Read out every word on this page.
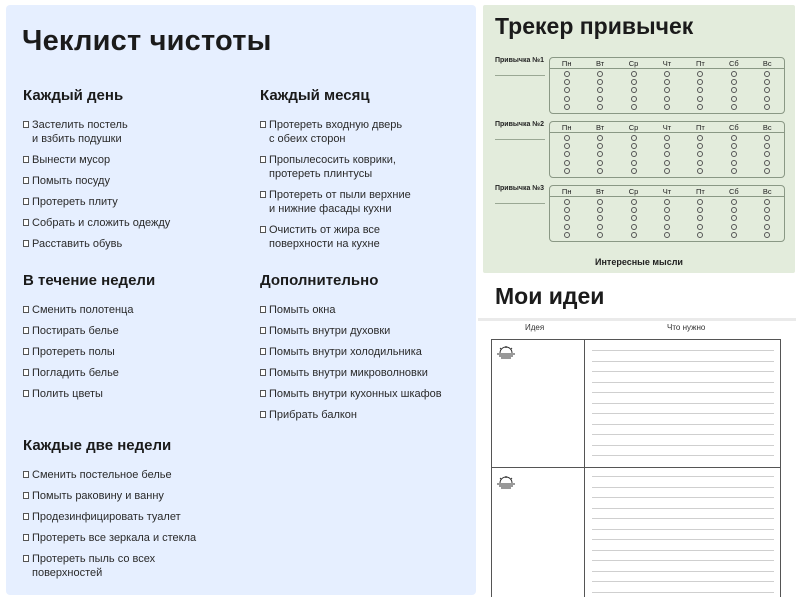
Чеклист чистоты
Каждый день
Застелить постель
и взбить подушки
Вынести мусор
Помыть посуду
Протереть плиту
Собрать и сложить одежду
Расставить обувь
Каждый месяц
Протереть входную дверь
с обеих сторон
Пропылесосить коврики,
протереть плинтусы
Протереть от пыли верхние
и нижние фасады кухни
Очистить от жира все
поверхности на кухне
В течение недели
Сменить полотенца
Постирать белье
Протереть полы
Погладить белье
Полить цветы
Дополнительно
Помыть окна
Помыть внутри духовки
Помыть внутри холодильника
Помыть внутри микроволновки
Помыть внутри кухонных шкафов
Прибрать балкон
Каждые две недели
Сменить постельное белье
Помыть раковину и ванну
Продезинфицировать туалет
Протереть все зеркала и стекла
Протереть пыль со всех
поверхностей
Трекер привычек
Привычка №1	Пн	Вт	Ср	Чт	Пт	Сб	Вс
Привычка №2	Пн	Вт	Ср	Чт	Пт	Сб	Вс
Привычка №3	Пн	Вт	Ср	Чт	Пт	Сб	Вс
Интересные мысли
Мои идеи
Идея	Что нужно
